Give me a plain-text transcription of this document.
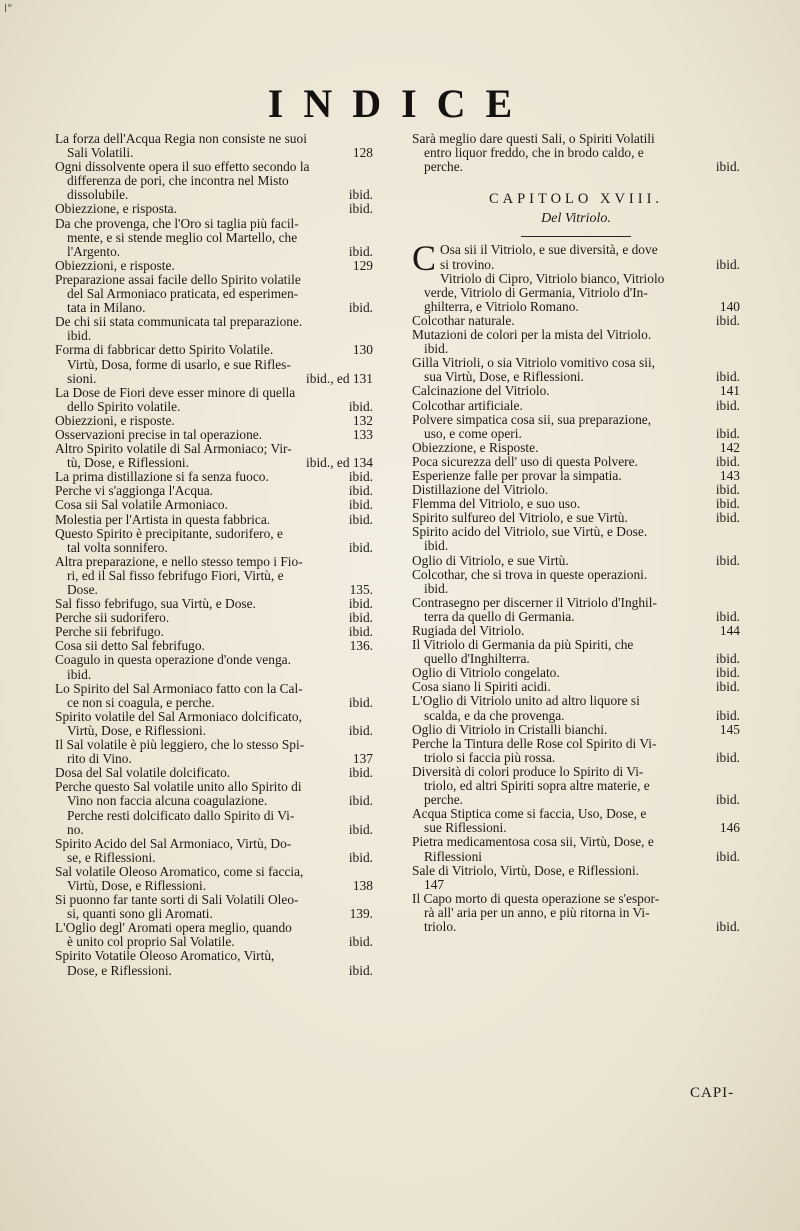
l°
INDICE
La forza dell'Acqua Regia non consiste ne suoi
Sali Volatili.	128
Ogni dissolvente opera il suo effetto secondo la
differenza de pori, che incontra nel Misto
dissolubile.	ibid.
Obiezzione, e risposta.	ibid.
Da che provenga, che l'Oro si taglia più facil-
mente, e si stende meglio col Martello, che
l'Argento.	ibid.
Obiezzioni, e risposte.	129
Preparazione assai facile dello Spirito volatile
del Sal Armoniaco praticata, ed esperimen-
tata in Milano.	ibid.
De chi sii stata communicata tal preparazione.
ibid.
Forma di fabbricar detto Spirito Volatile.	130
Virtù, Dosa, forme di usarlo, e sue Rifles-
sioni.	ibid., ed 131
La Dose de Fiori deve esser minore di quella
dello Spirito volatile.	ibid.
Obiezzioni, e risposte.	132
Osservazioni precise in tal operazione.	133
Altro Spirito volatile di Sal Armoniaco; Vir-
tù, Dose, e Riflessioni.	ibid., ed 134
La prima distillazione si fa senza fuoco.	ibid.
Perche vi s'aggionga l'Acqua.	ibid.
Cosa sii Sal volatile Armoniaco.	ibid.
Molestia per l'Artista in questa fabbrica.	ibid.
Questo Spirito è precipitante, sudorifero, e
tal volta sonnifero.	ibid.
Altra preparazione, e nello stesso tempo i Fio-
ri, ed il Sal fisso febrifugo Fiori, Virtù, e
Dose.	135.
Sal fisso febrifugo, sua Virtù, e Dose.	ibid.
Perche sii sudorifero.	ibid.
Perche sii febrifugo.	ibid.
Cosa sii detto Sal febrifugo.	136.
Coagulo in questa operazione d'onde venga.
ibid.
Lo Spirito del Sal Armoniaco fatto con la Cal-
ce non si coagula, e perche.	ibid.
Spirito volatile del Sal Armoniaco dolcificato,
Virtù, Dose, e Riflessioni.	ibid.
Il Sal volatile è più leggiero, che lo stesso Spi-
rito di Vino.	137
Dosa del Sal volatile dolcificato.	ibid.
Perche questo Sal volatile unito allo Spirito di
Vino non faccia alcuna coagulazione.	ibid.
Perche resti dolcificato dallo Spirito di Vi-
no.	ibid.
Spirito Acido del Sal Armoniaco, Virtù, Do-
se, e Riflessioni.	ibid.
Sal volatile Oleoso Aromatico, come si faccia,
Virtù, Dose, e Riflessioni.	138
Si puonno far tante sorti di Sali Volatili Oleo-
si, quanti sono gli Aromati.	139.
L'Oglio degl' Aromati opera meglio, quando
è unito col proprio Sal Volatile.	ibid.
Spirito Votatile Oleoso Aromatico, Virtù,
Dose, e Riflessioni.	ibid.
Sarà meglio dare questi Sali, o Spiriti Volatili
entro liquor freddo, che in brodo caldo, e
perche.	ibid.
CAPITOLO XVIII.
Del Vitriolo.
C Osa sii il Vitriolo, e sue diversità, e dove
si trovino.	ibid.
Vitriolo di Cipro, Vitriolo bianco, Vitriolo
verde, Vitriolo di Germania, Vitriolo d'In-
ghilterra, e Vitriolo Romano.	140
Colcothar naturale.	ibid.
Mutazioni de colori per la mista del Vitriolo.
ibid.
Gilla Vitrioli, o sia Vitriolo vomitivo cosa sii,
sua Virtù, Dose, e Riflessioni.	ibid.
Calcinazione del Vitriolo.	141
Colcothar artificiale.	ibid.
Polvere simpatica cosa sii, sua preparazione,
uso, e come operi.	ibid.
Obiezzione, e Risposte.	142
Poca sicurezza dell' uso di questa Polvere.	ibid.
Esperienze falle per provar la simpatia.	143
Distillazione del Vitriolo.	ibid.
Flemma del Vitriolo, e suo uso.	ibid.
Spirito sulfureo del Vitriolo, e sue Virtù.	ibid.
Spirito acido del Vitriolo, sue Virtù, e Dose.
ibid.
Oglio di Vitriolo, e sue Virtù.	ibid.
Colcothar, che si trova in queste operazioni.
ibid.
Contrasegno per discerner il Vitriolo d'Inghil-
terra da quello di Germania.	ibid.
Rugiada del Vitriolo.	144
Il Vitriolo di Germania da più Spiriti, che
quello d'Inghilterra.	ibid.
Oglio di Vitriolo congelato.	ibid.
Cosa siano li Spiriti acidi.	ibid.
L'Oglio di Vitriolo unito ad altro liquore si
scalda, e da che provenga.	ibid.
Oglio di Vitriolo in Cristalli bianchi.	145
Perche la Tintura delle Rose col Spirito di Vi-
triolo si faccia più rossa.	ibid.
Diversità di colori produce lo Spirito di Vi-
triolo, ed altri Spiriti sopra altre materie, e
perche.	ibid.
Acqua Stiptica come si faccia, Uso, Dose, e
sue Riflessioni.	146
Pietra medicamentosa cosa sii, Virtù, Dose, e
Riflessioni	ibid.
Sale di Vitriolo, Virtù, Dose, e Riflessioni.
147
Il Capo morto di questa operazione se s'espor-
rà all' aria per un anno, e più ritorna in Vi-
triolo.	ibid.
CAPI-
